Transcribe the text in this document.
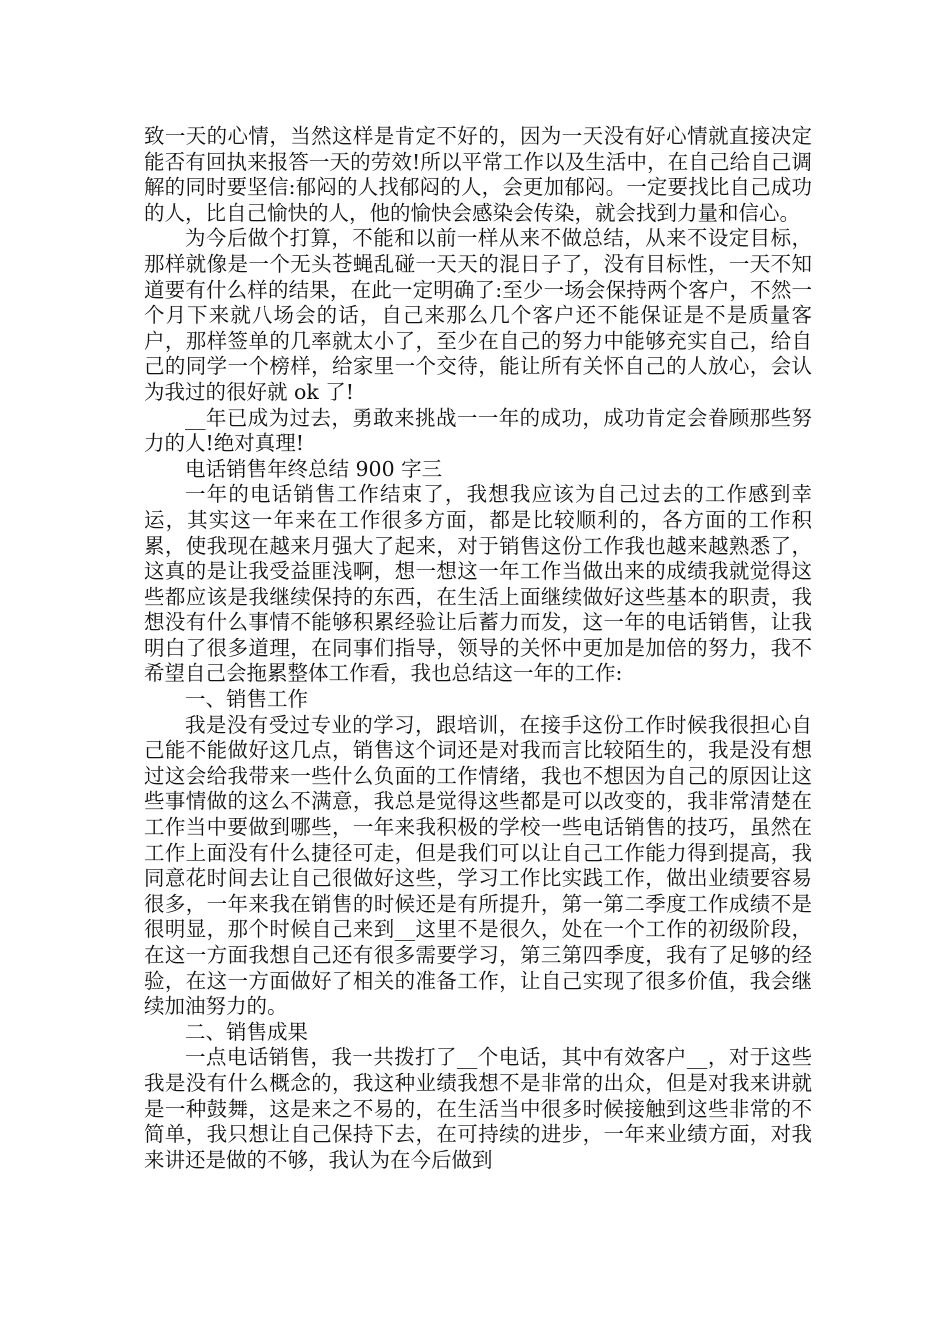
致一天的心情，当然这样是肯定不好的，因为一天没有好心情就直接决定能否有回执来报答一天的劳效!所以平常工作以及生活中，在自己给自己调解的同时要坚信:郁闷的人找郁闷的人，会更加郁闷。一定要找比自己成功的人，比自己愉快的人，他的愉快会感染会传染，就会找到力量和信心。

为今后做个打算，不能和以前一样从来不做总结，从来不设定目标，那样就像是一个无头苍蝇乱碰一天天的混日子了，没有目标性，一天不知道要有什么样的结果，在此一定明确了:至少一场会保持两个客户，不然一个月下来就八场会的话，自己来那么几个客户还不能保证是不是质量客户，那样签单的几率就太小了，至少在自己的努力中能够充实自己，给自己的同学一个榜样，给家里一个交待，能让所有关怀自己的人放心，会认为我过的很好就 ok 了!

__年已成为过去，勇敢来挑战一一年的成功，成功肯定会眷顾那些努力的人!绝对真理!

电话销售年终总结 900 字三

一年的电话销售工作结束了，我想我应该为自己过去的工作感到幸运，其实这一年来在工作很多方面，都是比较顺利的，各方面的工作积累，使我现在越来月强大了起来，对于销售这份工作我也越来越熟悉了，这真的是让我受益匪浅啊，想一想这一年工作当做出来的成绩我就觉得这些都应该是我继续保持的东西，在生活上面继续做好这些基本的职责，我想没有什么事情不能够积累经验让后蓄力而发，这一年的电话销售，让我明白了很多道理，在同事们指导，领导的关怀中更加是加倍的努力，我不希望自己会拖累整体工作看，我也总结这一年的工作:

一、销售工作

我是没有受过专业的学习，跟培训，在接手这份工作时候我很担心自己能不能做好这几点，销售这个词还是对我而言比较陌生的，我是没有想过这会给我带来一些什么负面的工作情绪，我也不想因为自己的原因让这些事情做的这么不满意，我总是觉得这些都是可以改变的，我非常清楚在工作当中要做到哪些，一年来我积极的学校一些电话销售的技巧，虽然在工作上面没有什么捷径可走，但是我们可以让自己工作能力得到提高，我同意花时间去让自己很做好这些，学习工作比实践工作，做出业绩要容易很多，一年来我在销售的时候还是有所提升，第一第二季度工作成绩不是很明显，那个时候自己来到__这里不是很久，处在一个工作的初级阶段，在这一方面我想自己还有很多需要学习，第三第四季度，我有了足够的经验，在这一方面做好了相关的准备工作，让自己实现了很多价值，我会继续加油努力的。

二、销售成果

一点电话销售，我一共拨打了__个电话，其中有效客户__，对于这些我是没有什么概念的，我这种业绩我想不是非常的出众，但是对我来讲就是一种鼓舞，这是来之不易的，在生活当中很多时候接触到这些非常的不简单，我只想让自己保持下去，在可持续的进步，一年来业绩方面，对我来讲还是做的不够，我认为在今后做到
